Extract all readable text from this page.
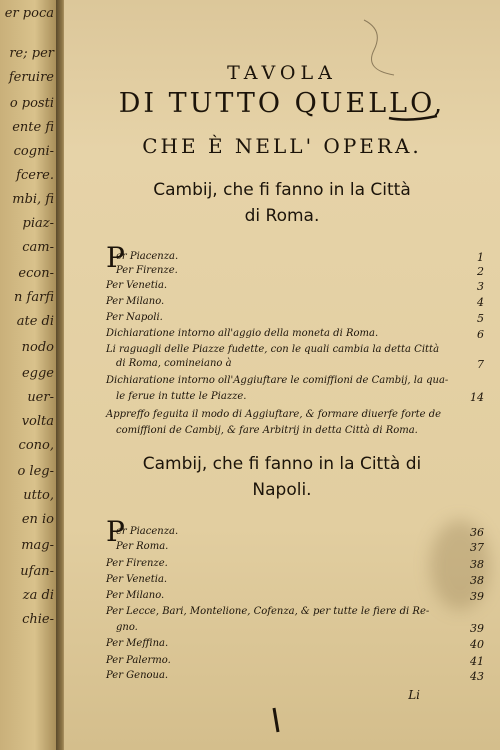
er poca
re; per
feruire
o posti
ente fi
cogni-
fcere.
mbi, fi
piaz-
cam-
econ-
n farfi
ate di
nodo
egge
uer-
volta
cono,
o leg-
utto,
en io
mag-
ufan-
za di
chie-
TAVOLA
DI TUTTO QUELLO,
CHE È NELL' OPERA.
Cambij, che fi fanno in la Città
di Roma.
P
er Piacenza.	1
Per Firenze.	2
Per Venetia.	3
Per Milano.	4
Per Napoli.	5
Dichiaratione intorno all'aggio della moneta di Roma.	6
Li raguagli delle Piazze fudette, con le quali cambia la detta Città
di Roma, comineiano à	7
Dichiaratione intorno oll'Aggiuftare le comiffioni de Cambij, la qua-
le ferue in tutte le Piazze.	14
Appreffo feguita il modo di Aggiuftare, & formare diuerfe forte de
comiffioni de Cambij, & fare Arbitrij in detta Città di Roma.
Cambij, che fi fanno in la Città di
Napoli.
P
er Piacenza.	36
Per Roma.	37
Per Firenze.	38
Per Venetia.	38
Per Milano.	39
Per Lecce, Bari, Montelione, Cofenza, & per tutte le fiere di Re-
gno.	39
Per Meffina.	40
Per Palermo.	41
Per Genoua.	43
Li
